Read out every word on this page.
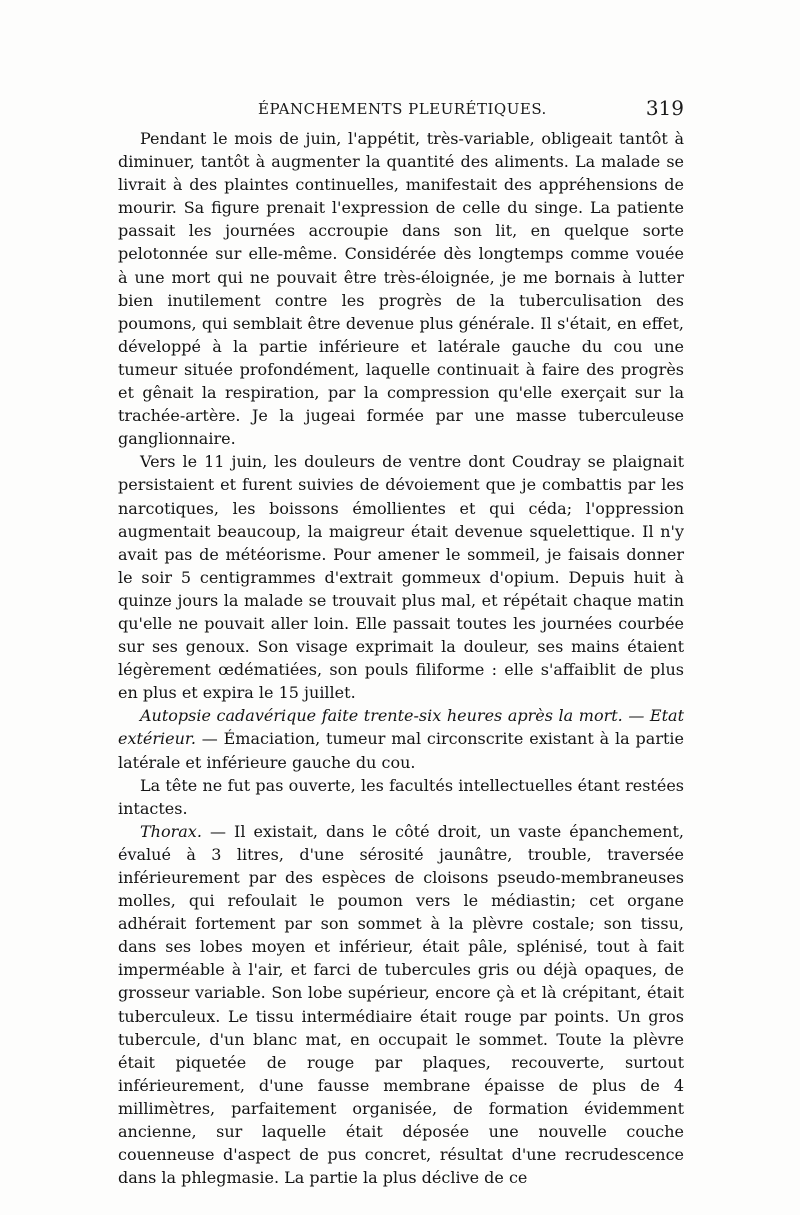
ÉPANCHEMENTS PLEURÉTIQUES.	319

Pendant le mois de juin, l'appétit, très-variable, obligeait tantôt à diminuer, tantôt à augmenter la quantité des aliments. La malade se livrait à des plaintes continuelles, manifestait des appréhensions de mourir. Sa figure prenait l'expression de celle du singe. La patiente passait les journées accroupie dans son lit, en quelque sorte pelotonnée sur elle-même. Considérée dès longtemps comme vouée à une mort qui ne pouvait être très-éloignée, je me bornais à lutter bien inutilement contre les progrès de la tuberculisation des poumons, qui semblait être devenue plus générale. Il s'était, en effet, développé à la partie inférieure et latérale gauche du cou une tumeur située profondément, laquelle continuait à faire des progrès et gênait la respiration, par la compression qu'elle exerçait sur la trachée-artère. Je la jugeai formée par une masse tuberculeuse ganglionnaire.

Vers le 11 juin, les douleurs de ventre dont Coudray se plaignait persistaient et furent suivies de dévoiement que je combattis par les narcotiques, les boissons émollientes et qui céda; l'oppression augmentait beaucoup, la maigreur était devenue squelettique. Il n'y avait pas de météorisme. Pour amener le sommeil, je faisais donner le soir 5 centigrammes d'extrait gommeux d'opium. Depuis huit à quinze jours la malade se trouvait plus mal, et répétait chaque matin qu'elle ne pouvait aller loin. Elle passait toutes les journées courbée sur ses genoux. Son visage exprimait la douleur, ses mains étaient légèrement œdématiées, son pouls filiforme : elle s'affaiblit de plus en plus et expira le 15 juillet.

Autopsie cadavérique faite trente-six heures après la mort. — Etat extérieur. — Émaciation, tumeur mal circonscrite existant à la partie latérale et inférieure gauche du cou.

La tête ne fut pas ouverte, les facultés intellectuelles étant restées intactes.

Thorax. — Il existait, dans le côté droit, un vaste épanchement, évalué à 3 litres, d'une sérosité jaunâtre, trouble, traversée inférieurement par des espèces de cloisons pseudo-membraneuses molles, qui refoulait le poumon vers le médiastin; cet organe adhérait fortement par son sommet à la plèvre costale; son tissu, dans ses lobes moyen et inférieur, était pâle, splénisé, tout à fait imperméable à l'air, et farci de tubercules gris ou déjà opaques, de grosseur variable. Son lobe supérieur, encore çà et là crépitant, était tuberculeux. Le tissu intermédiaire était rouge par points. Un gros tubercule, d'un blanc mat, en occupait le sommet. Toute la plèvre était piquetée de rouge par plaques, recouverte, surtout inférieurement, d'une fausse membrane épaisse de plus de 4 millimètres, parfaitement organisée, de formation évidemment ancienne, sur laquelle était déposée une nouvelle couche couenneuse d'aspect de pus concret, résultat d'une recrudescence dans la phlegmasie. La partie la plus déclive de ce
